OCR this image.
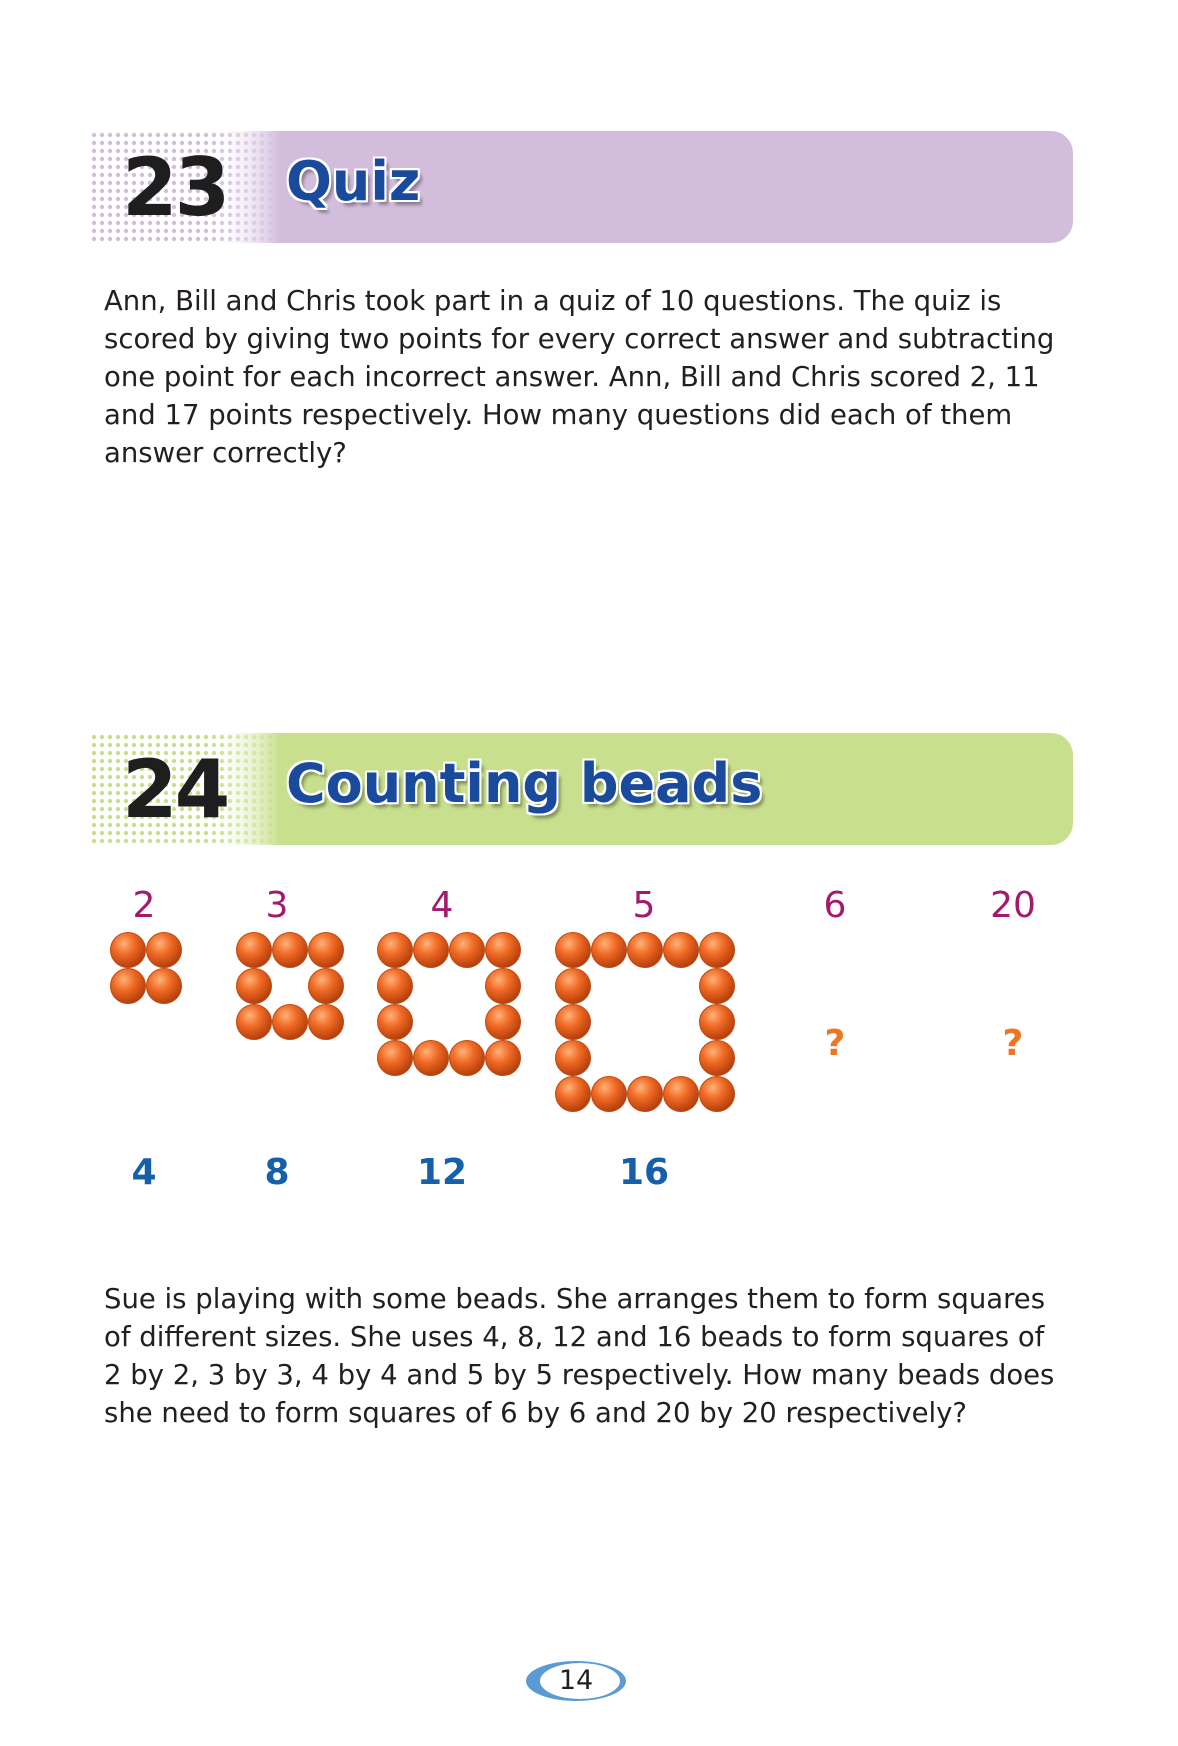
23 Quiz

Ann, Bill and Chris took part in a quiz of 10 questions. The quiz is scored by giving two points for every correct answer and subtracting one point for each incorrect answer. Ann, Bill and Chris scored 2, 11 and 17 points respectively. How many questions did each of them answer correctly?

24 Counting beads
2	3	4	5	6	20
?	?
4	8	12	16

Sue is playing with some beads. She arranges them to form squares of different sizes. She uses 4, 8, 12 and 16 beads to form squares of 2 by 2, 3 by 3, 4 by 4 and 5 by 5 respectively. How many beads does she need to form squares of 6 by 6 and 20 by 20 respectively?

14
